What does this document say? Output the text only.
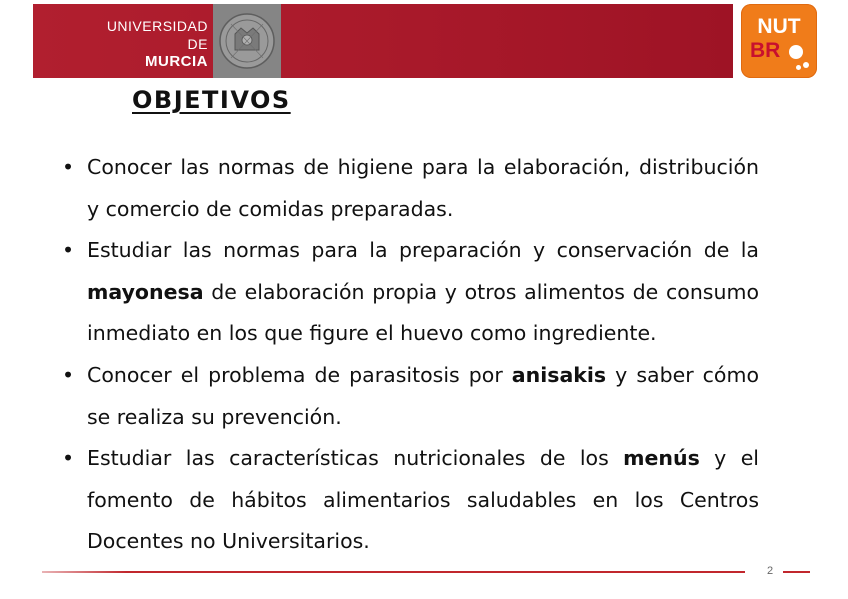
UNIVERSIDAD DE
MURCIA
NUT
BR
OBJETIVOS
• Conocer las normas de higiene para la elaboración, distribución y comercio de comidas preparadas.
• Estudiar las normas para la preparación y conservación de la mayonesa de elaboración propia y otros alimentos de consumo inmediato en los que figure el huevo como ingrediente.
• Conocer el problema de parasitosis por anisakis y saber cómo se realiza su prevención.
• Estudiar las características nutricionales de los menús y el fomento de hábitos alimentarios saludables en los Centros Docentes no Universitarios.
2
